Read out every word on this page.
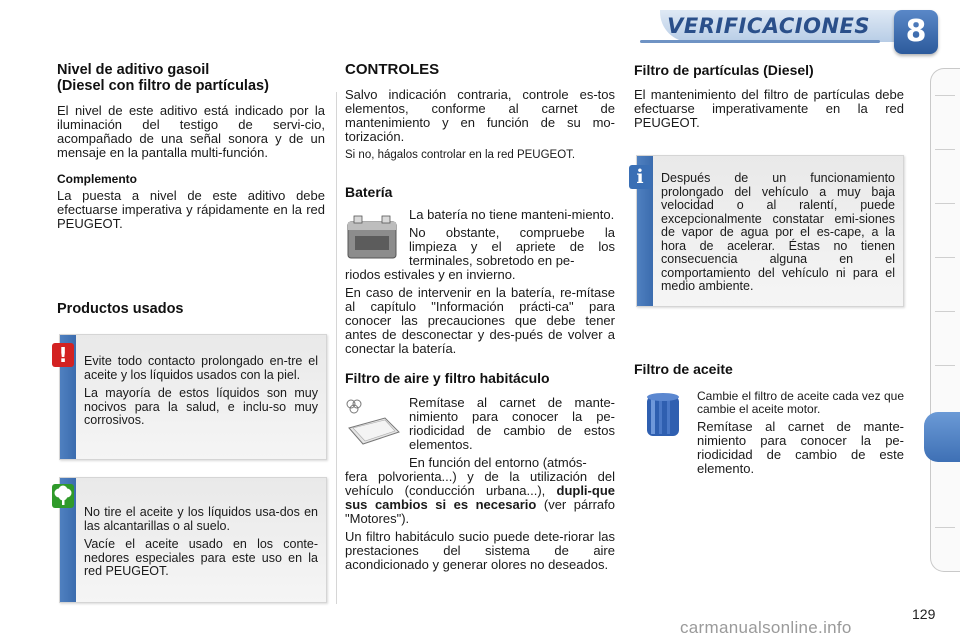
VERIFICACIONES	8
Nivel de aditivo gasoil
(Diesel con filtro de partículas)

El nivel de este aditivo está indicado por la iluminación del testigo de servi-cio, acompañado de una señal sonora y de un mensaje en la pantalla multi-función.

Complemento

La puesta a nivel de este aditivo debe efectuarse imperativa y rápidamente en la red PEUGEOT.

Productos usados

Evite todo contacto prolongado en-tre el aceite y los líquidos usados con la piel.

La mayoría de estos líquidos son muy nocivos para la salud, e inclu-so muy corrosivos.

!

No tire el aceite y los líquidos usa-dos en las alcantarillas o al suelo.

Vacíe el aceite usado en los conte-nedores especiales para este uso en la red PEUGEOT.

CONTROLES

Salvo indicación contraria, controle es-tos elementos, conforme al carnet de mantenimiento y en función de su mo-torización.

Si no, hágalos controlar en la red PEUGEOT.

Batería

La batería no tiene manteni-miento.

No obstante, compruebe la limpieza y el apriete de los terminales, sobretodo en pe-

riodos estivales y en invierno.

En caso de intervenir en la batería, re-mítase al capítulo "Información prácti-ca" para conocer las precauciones que debe tener antes de desconectar y des-pués de volver a conectar la batería.

Filtro de aire y filtro habitáculo

Remítase al carnet de mante-nimiento para conocer la pe-riodicidad de cambio de estos elementos.

En función del entorno (atmós-

fera polvorienta...) y de la utilización del vehículo (conducción urbana...), dupli-que sus cambios si es necesario (ver párrafo "Motores").

Un filtro habitáculo sucio puede dete-riorar las prestaciones del sistema de aire acondicionado y generar olores no deseados.

Filtro de partículas (Diesel)

El mantenimiento del filtro de partículas debe efectuarse imperativamente en la red PEUGEOT.

Después de un funcionamiento prolongado del vehículo a muy baja velocidad o al ralentí, puede excepcionalmente constatar emi-siones de vapor de agua por el es-cape, a la hora de acelerar. Éstas no tienen consecuencia alguna en el comportamiento del vehículo ni para el medio ambiente.

i
Filtro de aceite

Cambie el filtro de aceite cada vez que cambie el aceite motor.

Remítase al carnet de mante-nimiento para conocer la pe-riodicidad de cambio de este elemento.

129
carmanualsonline.info
